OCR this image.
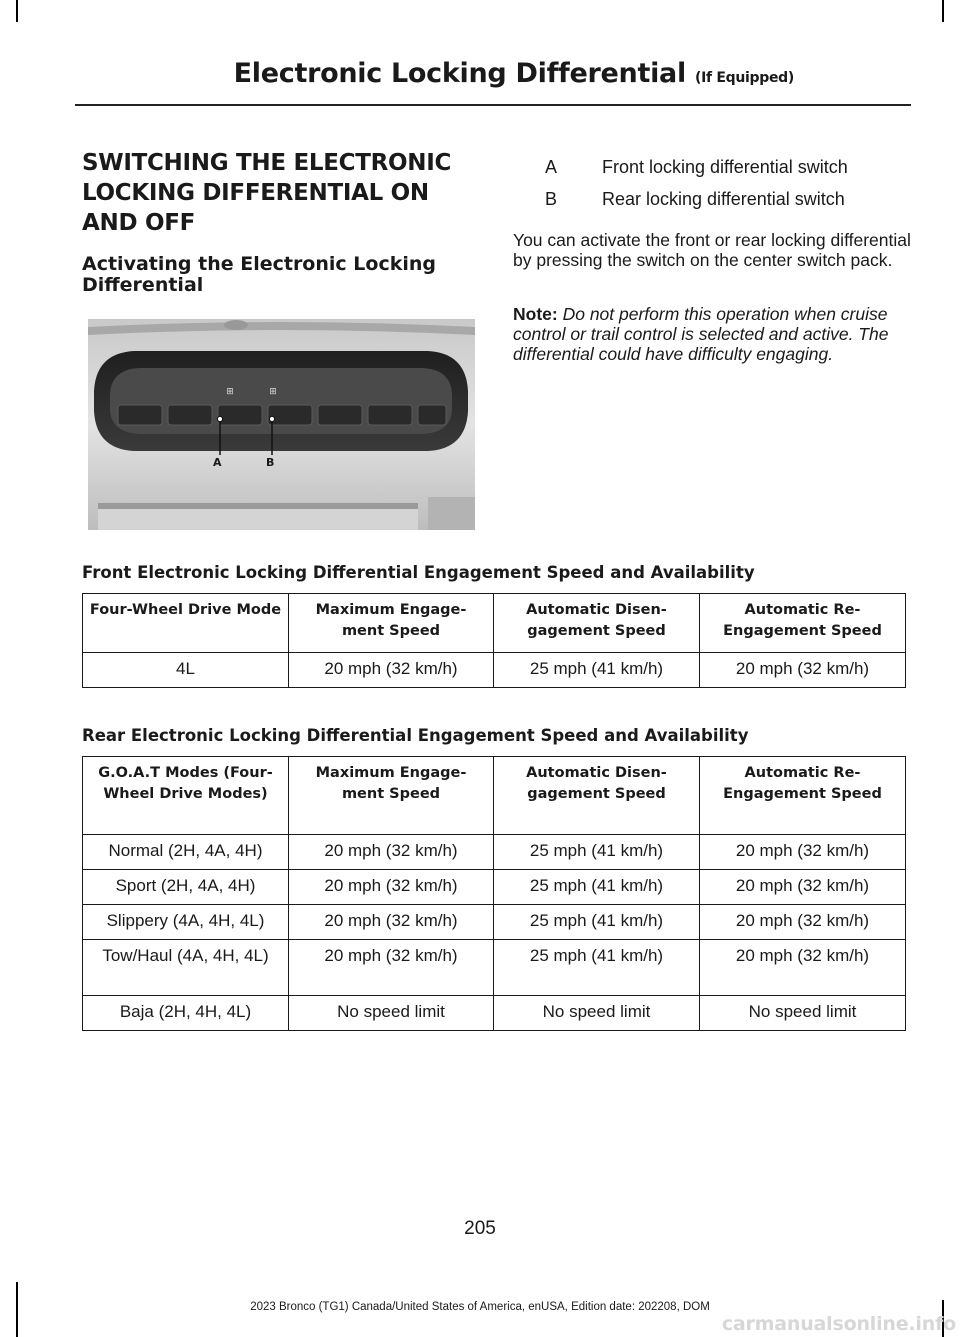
Electronic Locking Differential (If Equipped)
SWITCHING THE ELECTRONIC
LOCKING DIFFERENTIAL ON
AND OFF
Activating the Electronic Locking Differential
⊞	⊞
A	B
A Front locking differential switch
B Rear locking differential switch
You can activate the front or rear locking differential by pressing the switch on the center switch pack.
Note: Do not perform this operation when cruise control or trail control is selected and active. The differential could have difficulty engaging.
Front Electronic Locking Differential Engagement Speed and Availability
Four-Wheel Drive Mode	Maximum Engage-ment Speed	Automatic Disen-gagement Speed	Automatic Re-Engagement Speed
4L	20 mph (32 km/h)	25 mph (41 km/h)	20 mph (32 km/h)
Rear Electronic Locking Differential Engagement Speed and Availability
G.O.A.T Modes (Four-Wheel Drive Modes)	Maximum Engage-ment Speed	Automatic Disen-gagement Speed	Automatic Re-Engagement Speed
Normal (2H, 4A, 4H)	20 mph (32 km/h)	25 mph (41 km/h)	20 mph (32 km/h)
Sport (2H, 4A, 4H)	20 mph (32 km/h)	25 mph (41 km/h)	20 mph (32 km/h)
Slippery (4A, 4H, 4L)	20 mph (32 km/h)	25 mph (41 km/h)	20 mph (32 km/h)
Tow/Haul (4A, 4H, 4L)	20 mph (32 km/h)	25 mph (41 km/h)	20 mph (32 km/h)
Baja (2H, 4H, 4L)	No speed limit	No speed limit	No speed limit
205
2023 Bronco (TG1) Canada/United States of America, enUSA, Edition date: 202208, DOM
carmanualsonline.info
